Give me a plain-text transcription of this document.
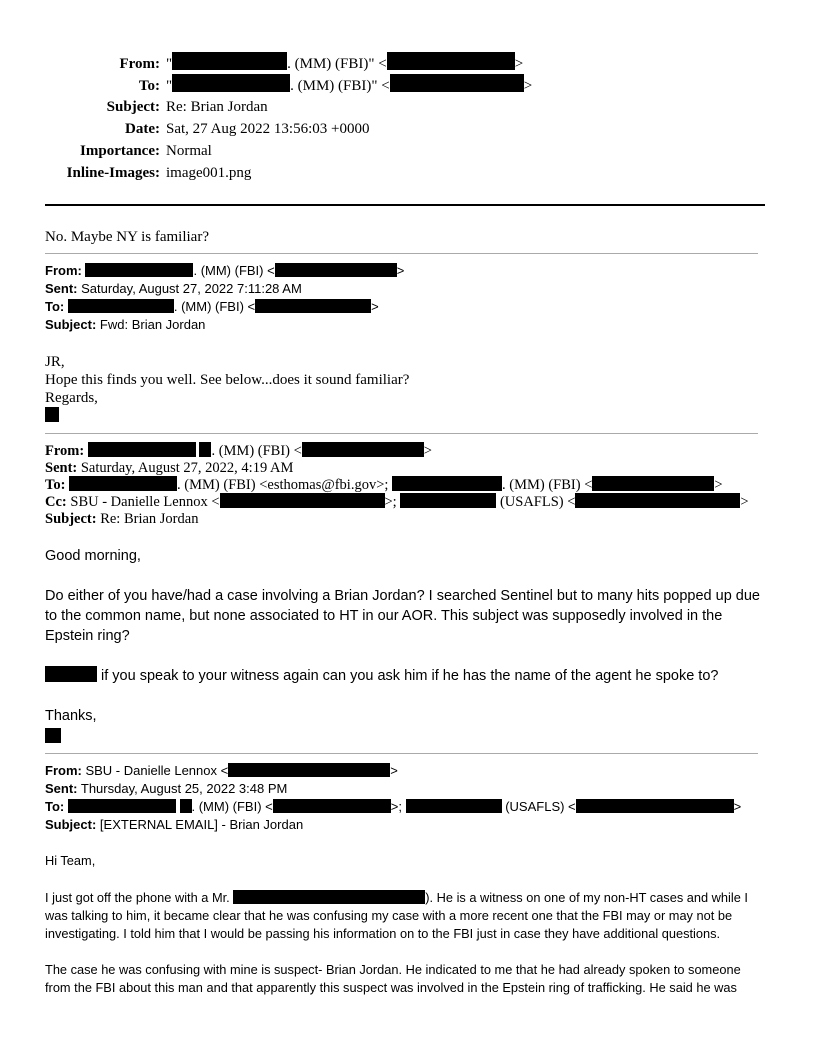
From: "	. (MM) (FBI)" <	>
To: "	. (MM) (FBI)" <	>
Subject: Re: Brian Jordan
Date: Sat, 27 Aug 2022 13:56:03 +0000
Importance: Normal
Inline-Images: image001.png
No. Maybe NY is familiar?
From:	. (MM) (FBI) <	>
Sent: Saturday, August 27, 2022 7:11:28 AM
To:	. (MM) (FBI) <	>
Subject: Fwd: Brian Jordan
JR,
Hope this finds you well. See below...does it sound familiar?
Regards,
From:	. (MM) (FBI) <	>
Sent: Saturday, August 27, 2022, 4:19 AM
To:	. (MM) (FBI) <esthomas@fbi.gov>;	. (MM) (FBI) <	>
Cc: SBU - Danielle Lennox <	>;	(USAFLS) <	>
Subject: Re: Brian Jordan
Good morning,
Do either of you have/had a case involving a Brian Jordan? I searched Sentinel but to many hits popped up due
to the common name, but none associated to HT in our AOR. This subject was supposedly involved in the
Epstein ring?
if you speak to your witness again can you ask him if he has the name of the agent he spoke to?
Thanks,
From: SBU - Danielle Lennox <	>
Sent: Thursday, August 25, 2022 3:48 PM
To:	. (MM) (FBI) <	>;	(USAFLS) <	>
Subject: [EXTERNAL EMAIL] - Brian Jordan
Hi Team,
I just got off the phone with a Mr.	). He is a witness on one of my non-HT cases and while I
was talking to him, it became clear that he was confusing my case with a more recent one that the FBI may or may not be
investigating. I told him that I would be passing his information on to the FBI just in case they have additional questions.
The case he was confusing with mine is suspect- Brian Jordan. He indicated to me that he had already spoken to someone
from the FBI about this man and that apparently this suspect was involved in the Epstein ring of trafficking. He said he was
